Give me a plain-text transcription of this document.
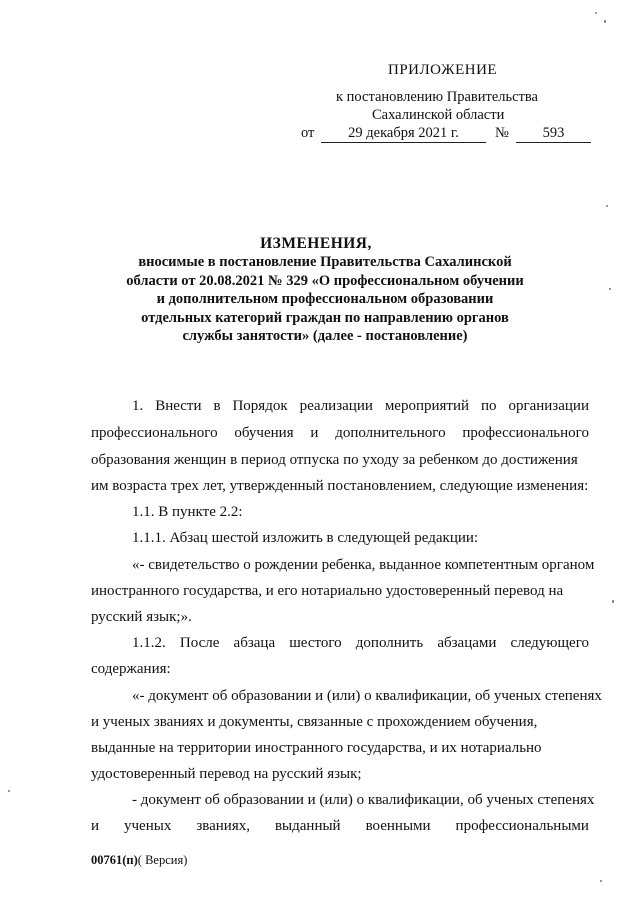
ПРИЛОЖЕНИЕ
к постановлению Правительства
Сахалинской области
от	29 декабря 2021 г.	№	593
ИЗМЕНЕНИЯ,
вносимые в постановление Правительства Сахалинской
области от 20.08.2021 № 329 «О профессиональном обучении
и дополнительном профессиональном образовании
отдельных категорий граждан по направлению органов
службы занятости» (далее - постановление)
1. Внести в Порядок реализации мероприятий по организации
профессионального обучения и дополнительного профессионального
образования женщин в период отпуска по уходу за ребенком до достижения
им возраста трех лет, утвержденный постановлением, следующие изменения:
1.1. В пункте 2.2:
1.1.1. Абзац шестой изложить в следующей редакции:
«- свидетельство о рождении ребенка, выданное компетентным органом
иностранного государства, и его нотариально удостоверенный перевод на
русский язык;».
1.1.2. После абзаца шестого дополнить абзацами следующего
содержания:
«- документ об образовании и (или) о квалификации, об ученых степенях
и ученых званиях и документы, связанные с прохождением обучения,
выданные на территории иностранного государства, и их нотариально
удостоверенный перевод на русский язык;
- документ об образовании и (или) о квалификации, об ученых степенях
и ученых званиях, выданный военными профессиональными
00761(п)( Версия)
